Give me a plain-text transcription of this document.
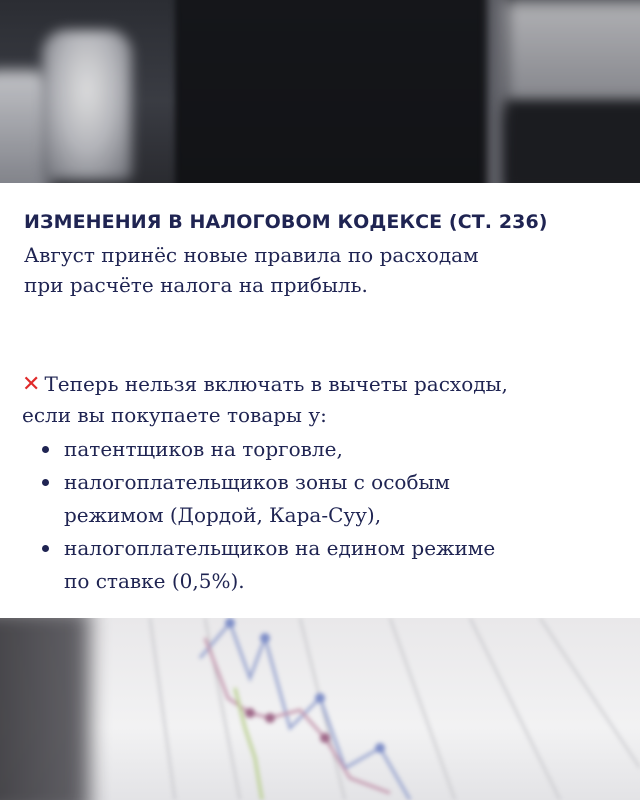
ИЗМЕНЕНИЯ В НАЛОГОВОМ КОДЕКСЕ (СТ. 236)
Август принёс новые правила по расходам
при расчёте налога на прибыль.
✕ Теперь нельзя включать в вычеты расходы,
если вы покупаете товары у:
патентщиков на торговле,
налогоплательщиков зоны с особым
режимом (Дордой, Кара-Суу),
налогоплательщиков на едином режиме
по ставке (0,5%).
